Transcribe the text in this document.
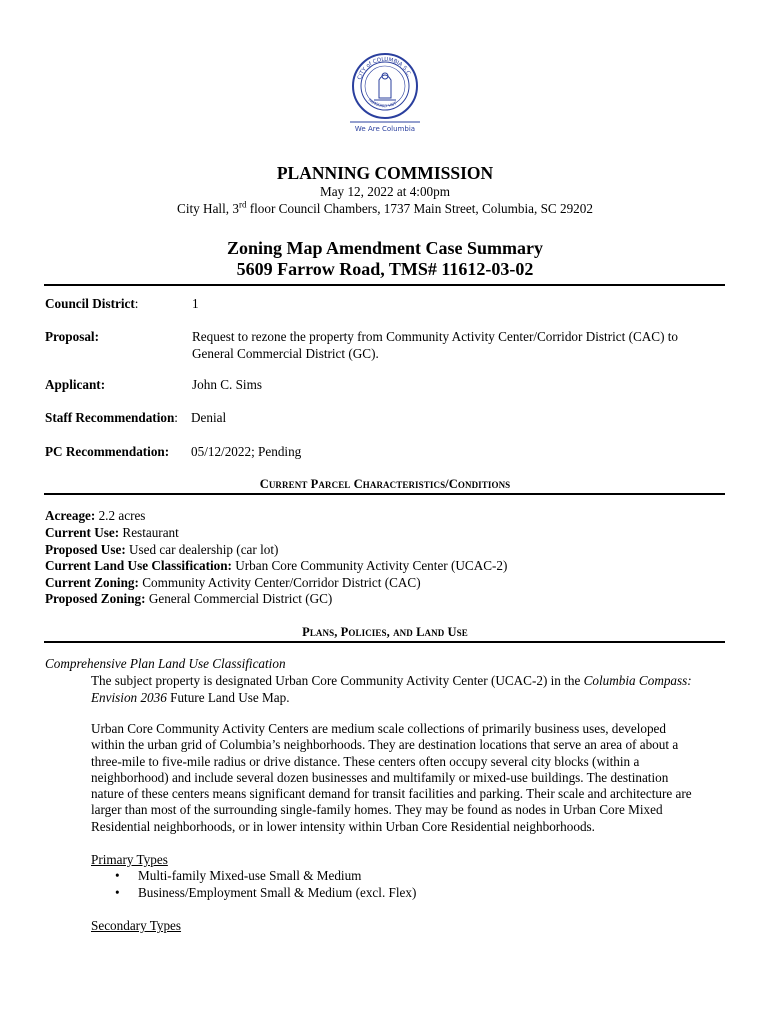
CITY of COLUMBIA S.C.
FAMOUSLY HOT
We Are Columbia
PLANNING COMMISSION
May 12, 2022 at 4:00pm
City Hall, 3rd floor Council Chambers, 1737 Main Street, Columbia, SC 29202
Zoning Map Amendment Case Summary
5609 Farrow Road, TMS# 11612-03-02
Council District:	1
Proposal:	Request to rezone the property from Community Activity Center/Corridor District (CAC) to
General Commercial District (GC).
Applicant:	John C. Sims
Staff Recommendation: Denial
PC Recommendation: 05/12/2022; Pending
Current Parcel Characteristics/Conditions
Acreage: 2.2 acres
Current Use: Restaurant
Proposed Use: Used car dealership (car lot)
Current Land Use Classification: Urban Core Community Activity Center (UCAC-2)
Current Zoning: Community Activity Center/Corridor District (CAC)
Proposed Zoning: General Commercial District (GC)
Plans, Policies, and Land Use
Comprehensive Plan Land Use Classification
The subject property is designated Urban Core Community Activity Center (UCAC-2) in the Columbia Compass:
Envision 2036 Future Land Use Map.
Urban Core Community Activity Centers are medium scale collections of primarily business uses, developed
within the urban grid of Columbia’s neighborhoods. They are destination locations that serve an area of about a
three-mile to five-mile radius or drive distance. These centers often occupy several city blocks (within a
neighborhood) and include several dozen businesses and multifamily or mixed-use buildings. The destination
nature of these centers means significant demand for transit facilities and parking. Their scale and architecture are
larger than most of the surrounding single-family homes. They may be found as nodes in Urban Core Mixed
Residential neighborhoods, or in lower intensity within Urban Core Residential neighborhoods.
Primary Types
• Multi-family Mixed-use Small & Medium
• Business/Employment Small & Medium (excl. Flex)
Secondary Types
